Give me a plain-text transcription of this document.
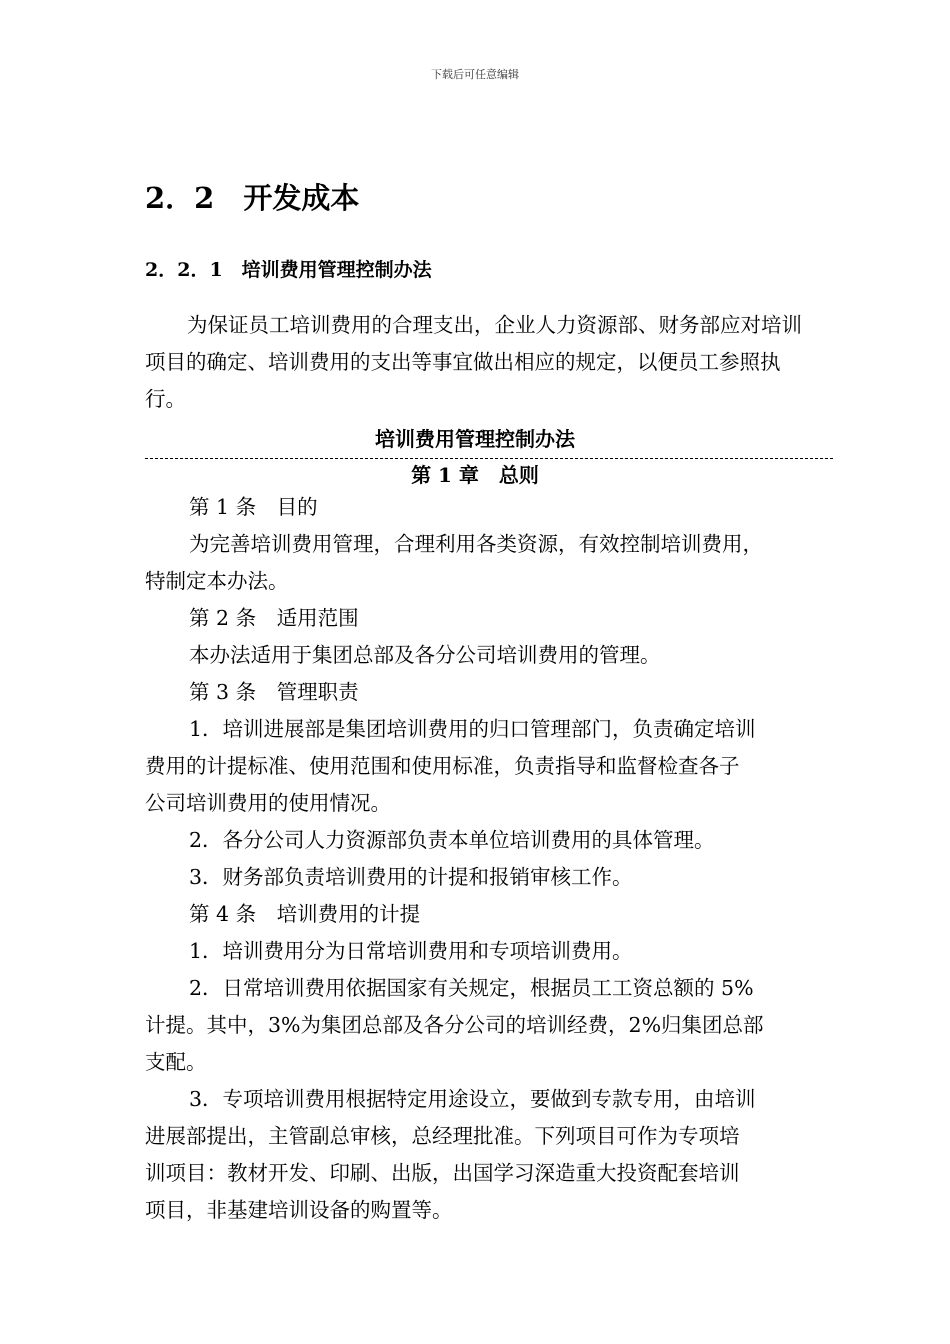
下载后可任意编辑
2．2　开发成本
2．2．1　培训费用管理控制办法
为保证员工培训费用的合理支出，企业人力资源部、财务部应对培训项目的确定、培训费用的支出等事宜做出相应的规定，以便员工参照执行。
培训费用管理控制办法
第 1 章　总则
第 1 条　目的
为完善培训费用管理，合理利用各类资源，有效控制培训费用，
特制定本办法。
第 2 条　适用范围
本办法适用于集团总部及各分公司培训费用的管理。
第 3 条　管理职责
1．培训进展部是集团培训费用的归口管理部门，负责确定培训
费用的计提标准、使用范围和使用标准，负责指导和监督检查各子
公司培训费用的使用情况。
2．各分公司人力资源部负责本单位培训费用的具体管理。
3．财务部负责培训费用的计提和报销审核工作。
第 4 条　培训费用的计提
1．培训费用分为日常培训费用和专项培训费用。
2．日常培训费用依据国家有关规定，根据员工工资总额的 5%
计提。其中，3%为集团总部及各分公司的培训经费，2%归集团总部
支配。
3．专项培训费用根据特定用途设立，要做到专款专用，由培训
进展部提出，主管副总审核，总经理批准。下列项目可作为专项培
训项目：教材开发、印刷、出版，出国学习深造重大投资配套培训
项目，非基建培训设备的购置等。
